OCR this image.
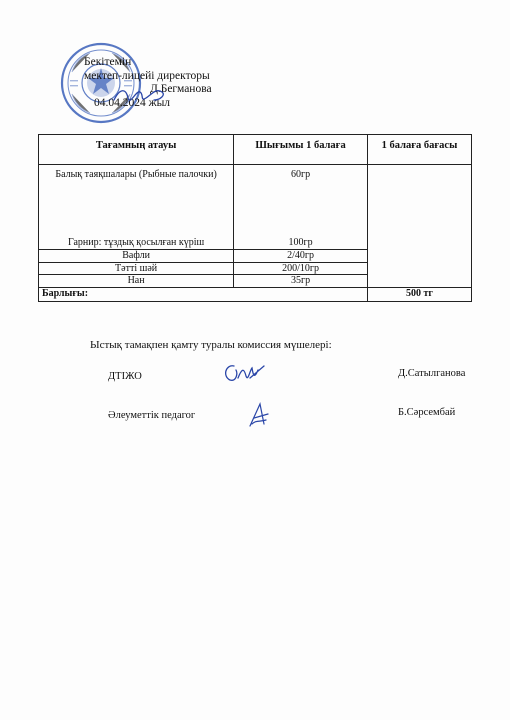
Бекітемін
мектеп-лицейі директоры
Д.Бегманова
04.04.2024 жыл
Тағамның атауы	Шығымы 1 балаға	1 балаға бағасы
Балық таяқшалары (Рыбные палочки)	60гр	
Гарнир: тұздық қосылған күріш	100гр	
Вафли	2/40гр	
Тәтті шәй	200/10гр	
Нан	35гр	
Барлығы:		500 тг
Ыстық тамақпен қамту туралы комиссия мүшелері:
ДТІЖО	Д.Сатылганова
Әлеуметтік педагог	Б.Сәрсембай
